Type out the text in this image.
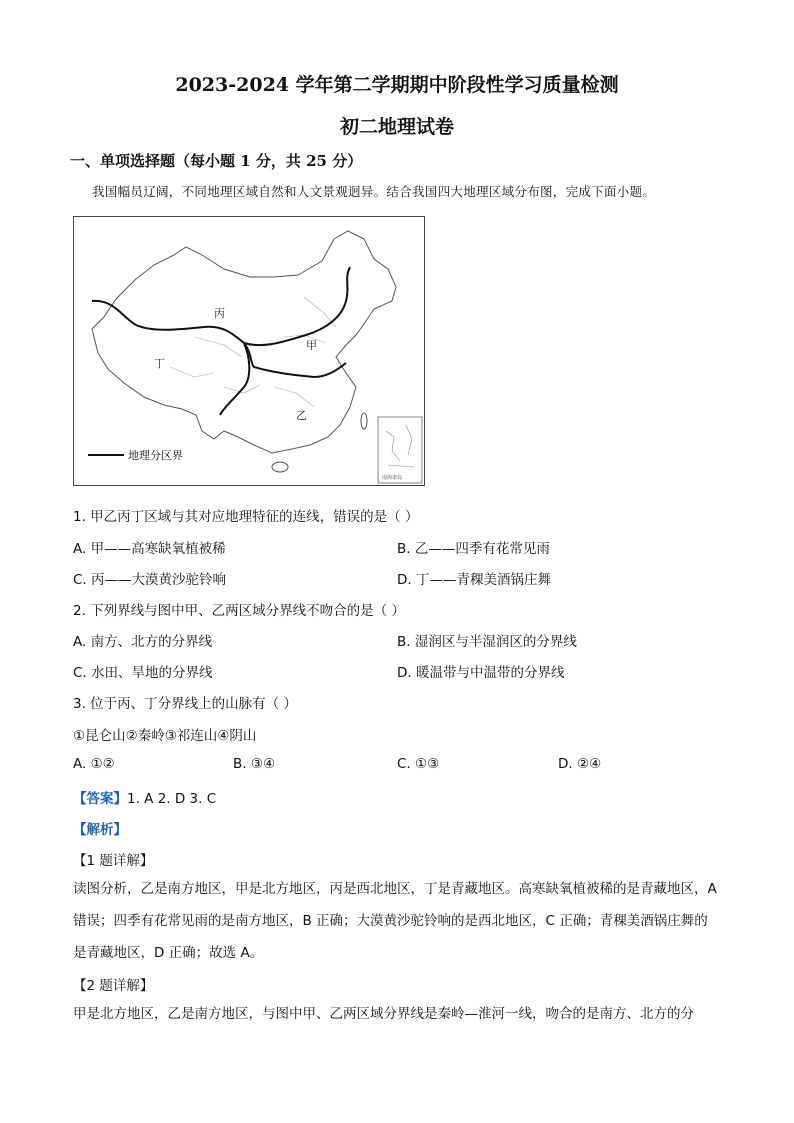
2023-2024 学年第二学期期中阶段性学习质量检测
初二地理试卷
一、单项选择题（每小题 1 分，共 25 分）
我国幅员辽阔，不同地理区域自然和人文景观迥异。结合我国四大地理区域分布图，完成下面小题。
丙
甲
丁
乙
地理分区界
南海诸岛
1. 甲乙丙丁区域与其对应地理特征的连线，错误的是（ ）
A. 甲——高寒缺氧植被稀	B. 乙——四季有花常见雨
C. 丙——大漠黄沙驼铃响	D. 丁——青稞美酒锅庄舞
2. 下列界线与图中甲、乙两区域分界线不吻合的是（ ）
A. 南方、北方的分界线	B. 湿润区与半湿润区的分界线
C. 水田、旱地的分界线	D. 暖温带与中温带的分界线
3. 位于丙、丁分界线上的山脉有（ ）
①昆仑山②秦岭③祁连山④阴山
A. ①②	B. ③④	C. ①③	D. ②④
【答案】1. A 2. D 3. C
【解析】
【1 题详解】
读图分析，乙是南方地区，甲是北方地区，丙是西北地区，丁是青藏地区。高寒缺氧植被稀的是青藏地区，A 错误；四季有花常见雨的是南方地区，B 正确；大漠黄沙驼铃响的是西北地区，C 正确；青稞美酒锅庄舞的是青藏地区，D 正确；故选 A。
【2 题详解】
甲是北方地区，乙是南方地区，与图中甲、乙两区域分界线是秦岭—淮河一线，吻合的是南方、北方的分
